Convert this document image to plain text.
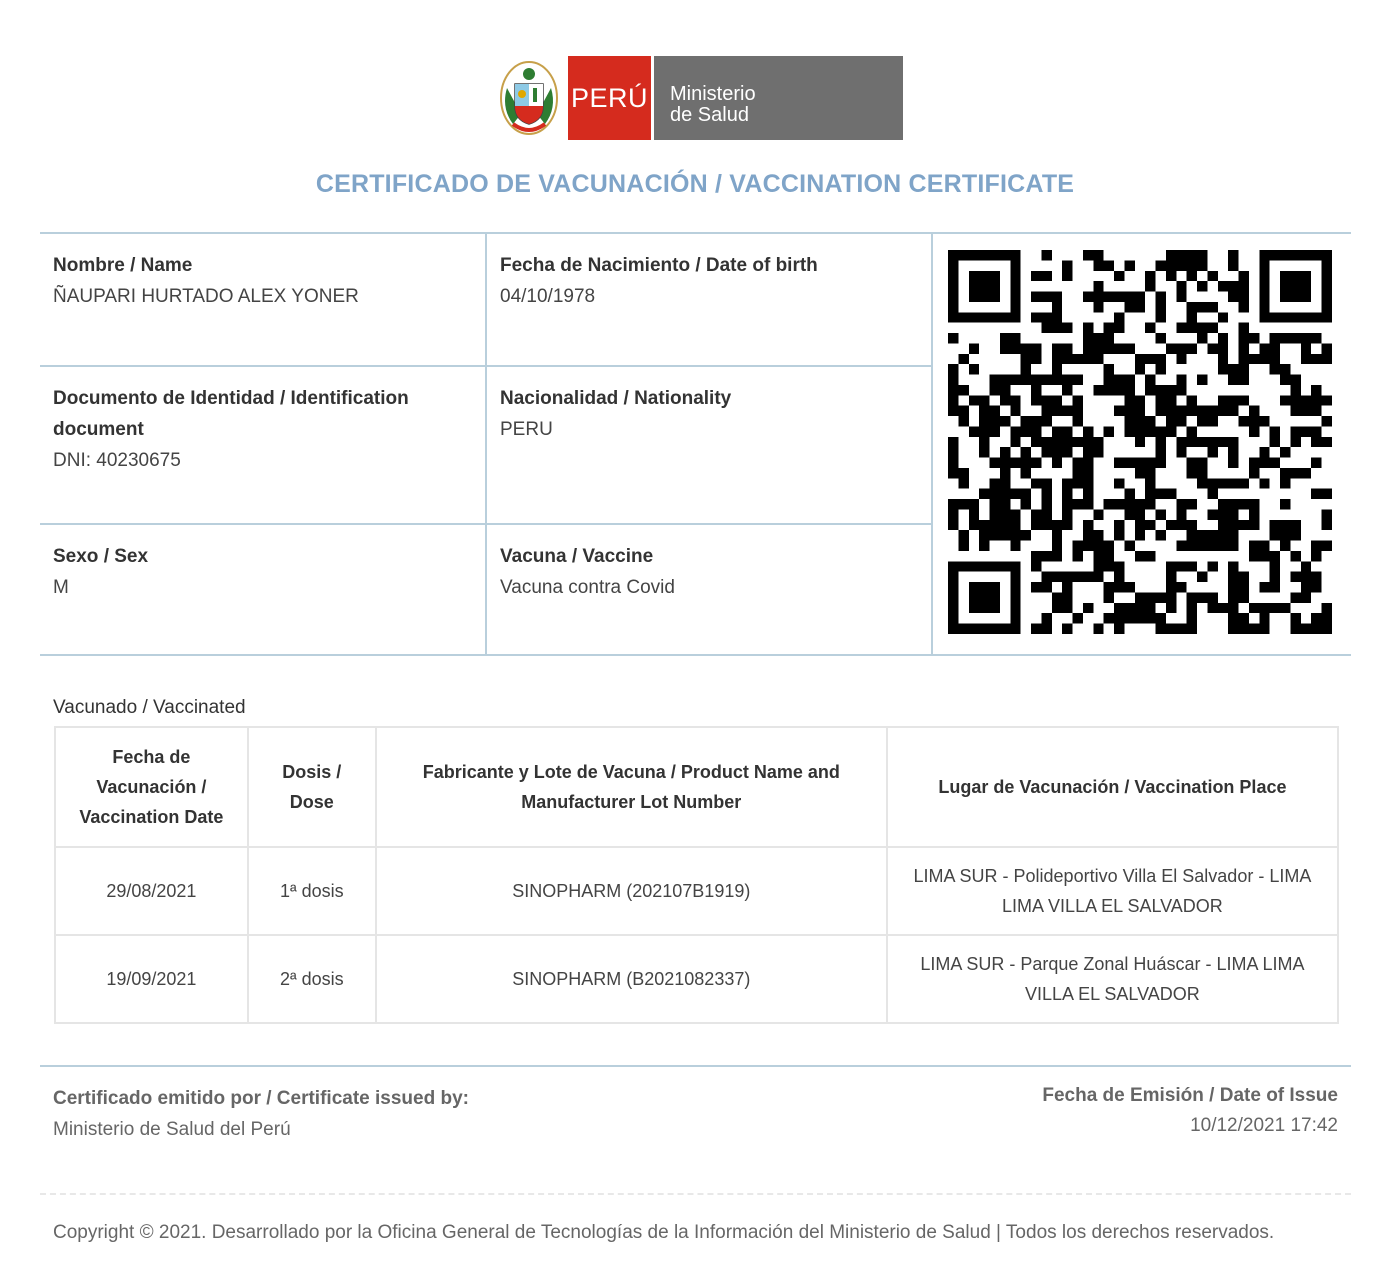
PERÚ Ministerio
de Salud
CERTIFICADO DE VACUNACIÓN / VACCINATION CERTIFICATE
Nombre / Name
ÑAUPARI HURTADO ALEX YONER
Fecha de Nacimiento / Date of birth
04/10/1978
Documento de Identidad / Identification document
DNI: 40230675
Nacionalidad / Nationality
PERU
Sexo / Sex
M
Vacuna / Vaccine
Vacuna contra Covid
Vacunado / Vaccinated
Fecha de Vacunación / Vaccination Date	Dosis / Dose	Fabricante y Lote de Vacuna / Product Name and Manufacturer Lot Number	Lugar de Vacunación / Vaccination Place
29/08/2021	1ª dosis	SINOPHARM (202107B1919)	LIMA SUR - Polideportivo Villa El Salvador - LIMA LIMA VILLA EL SALVADOR
19/09/2021	2ª dosis	SINOPHARM (B2021082337)	LIMA SUR - Parque Zonal Huáscar - LIMA LIMA VILLA EL SALVADOR
Certificado emitido por / Certificate issued by:
Ministerio de Salud del Perú
Fecha de Emisión / Date of Issue
10/12/2021 17:42
Copyright © 2021. Desarrollado por la Oficina General de Tecnologías de la Información del Ministerio de Salud | Todos los derechos reservados.
